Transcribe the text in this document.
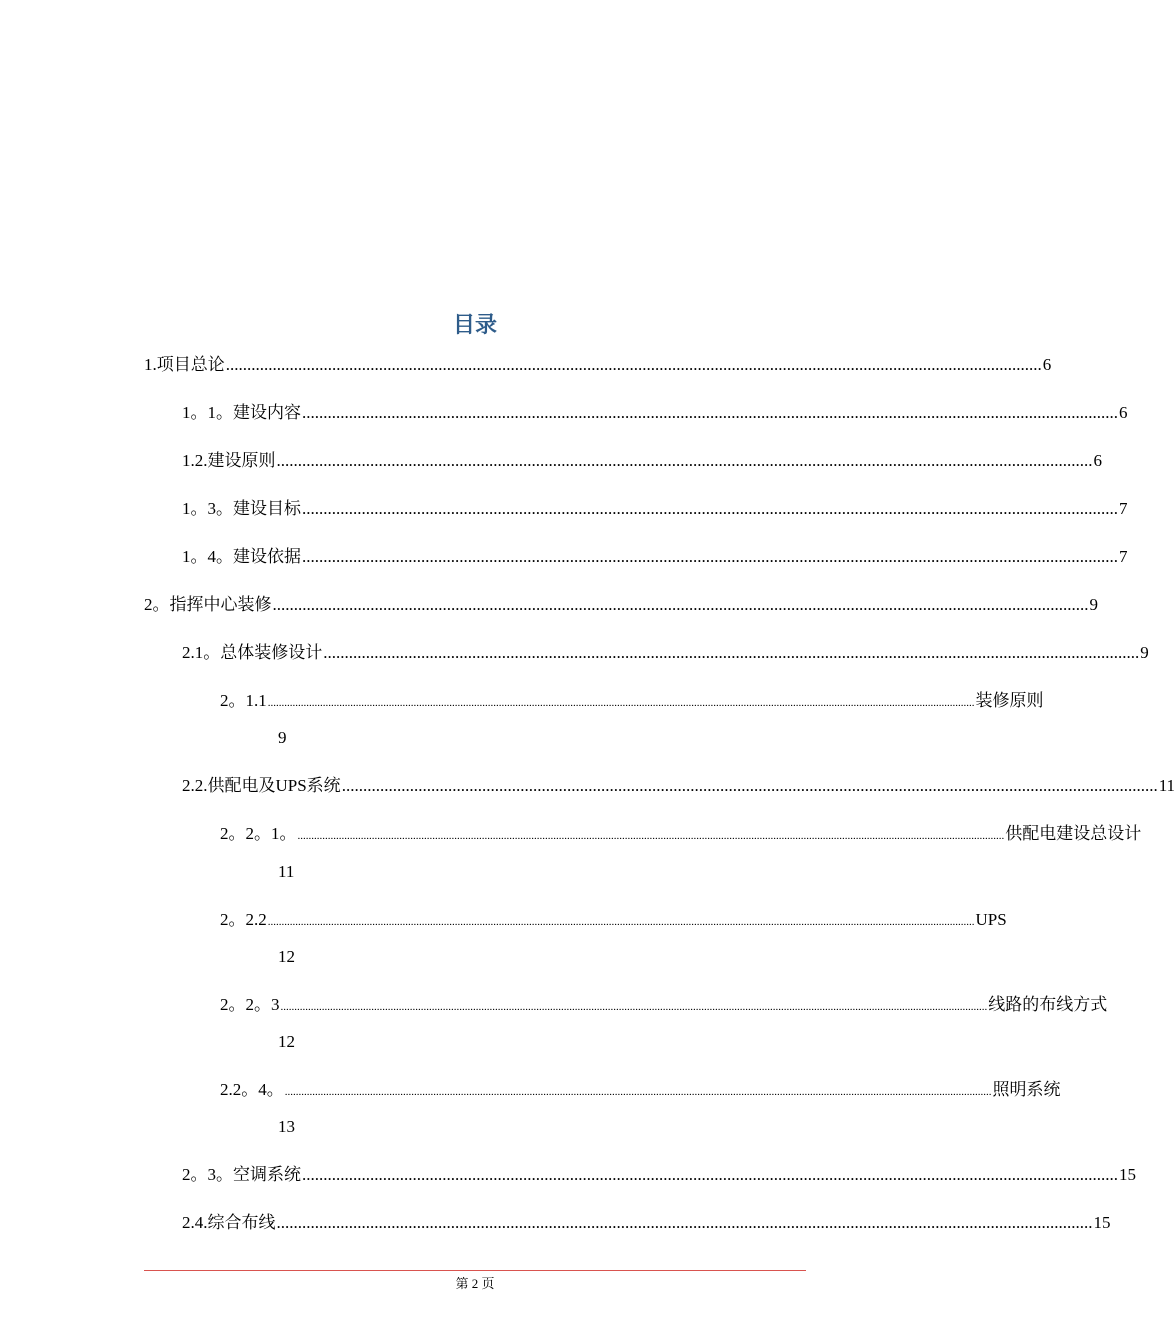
目录
1. 项目总论 ................................................................................................................................................................................................ 6
1。1。 建设内容 ................................................................................................................................................................................................ 6
1.2. 建设原则 ................................................................................................................................................................................................ 6
1。3。 建设目标 ................................................................................................................................................................................................ 7
1。4。 建设依据 ................................................................................................................................................................................................ 7
2。 指挥中心装修 ................................................................................................................................................................................................ 9
2.1。 总体装修设计 ................................................................................................................................................................................................ 9
2。1.1 ................................................................................................................................................................................................................................................................. 装修原则
9
2.2. 供配电及UPS系统 ................................................................................................................................................................................................ 11
2。2。1。 ................................................................................................................................................................................................................................................................. 供配电建设总设计
11
2。2.2 ................................................................................................................................................................................................................................................................. UPS
12
2。2。3 ................................................................................................................................................................................................................................................................. 线路的布线方式
12
2.2。4。 ................................................................................................................................................................................................................................................................. 照明系统
13
2。3。 空调系统 ................................................................................................................................................................................................ 15
2.4. 综合布线 ................................................................................................................................................................................................ 15
第 2 页
